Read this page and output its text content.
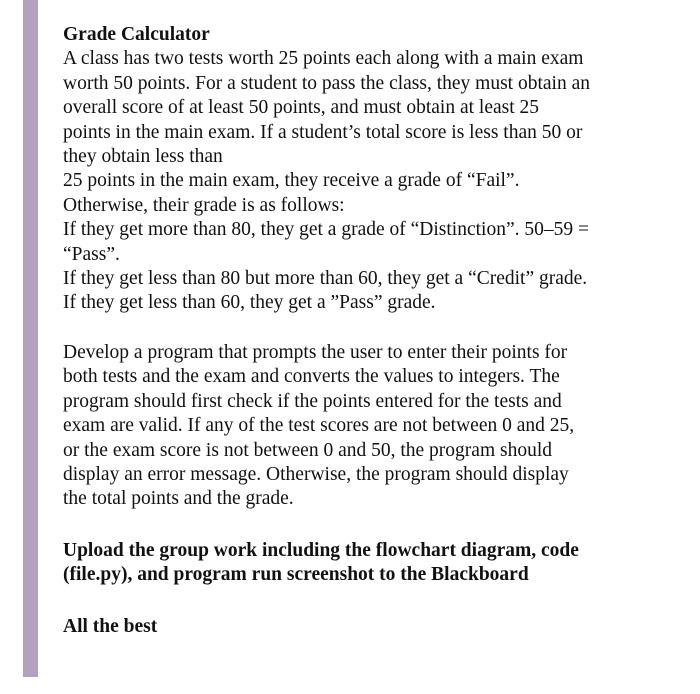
Grade Calculator
A class has two tests worth 25 points each along with a main exam
worth 50 points. For a student to pass the class, they must obtain an
overall score of at least 50 points, and must obtain at least 25
points in the main exam. If a student’s total score is less than 50 or
they obtain less than
25 points in the main exam, they receive a grade of “Fail”.
Otherwise, their grade is as follows:
If they get more than 80, they get a grade of “Distinction”. 50–59 =
“Pass”.
If they get less than 80 but more than 60, they get a “Credit” grade.
If they get less than 60, they get a ”Pass” grade.
Develop a program that prompts the user to enter their points for
both tests and the exam and converts the values to integers. The
program should first check if the points entered for the tests and
exam are valid. If any of the test scores are not between 0 and 25,
or the exam score is not between 0 and 50, the program should
display an error message. Otherwise, the program should display
the total points and the grade.
Upload the group work including the flowchart diagram, code
(file.py), and program run screenshot to the Blackboard
All the best
